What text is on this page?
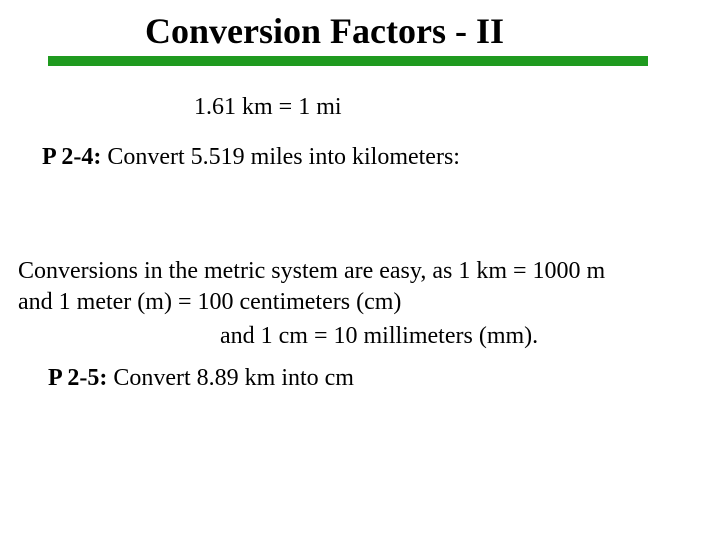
Conversion Factors - II
1.61 km = 1 mi
P 2-4: Convert 5.519 miles into kilometers:
Conversions in the metric system are easy, as 1 km = 1000 m
and 1 meter (m) = 100 centimeters (cm)
and 1 cm = 10 millimeters (mm).
P 2-5: Convert 8.89 km into cm
